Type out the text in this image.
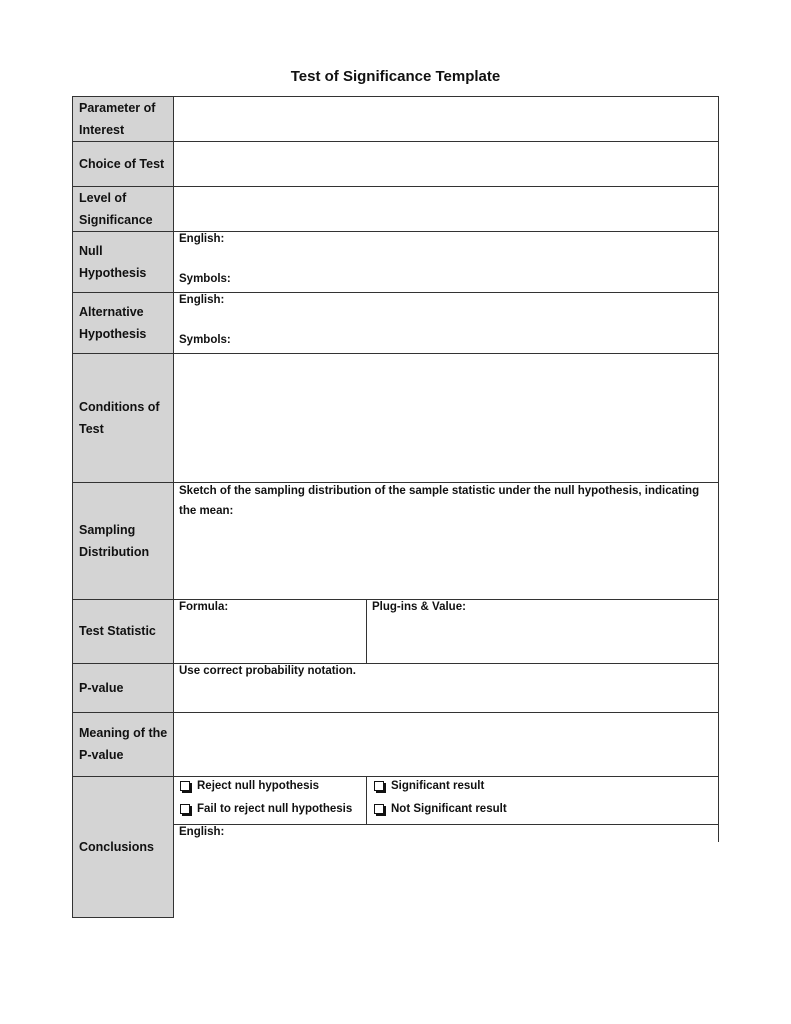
Test of Significance Template
Parameter of Interest
Choice of Test
Level of Significance
Null Hypothesis
Alternative Hypothesis
Conditions of Test
Sampling Distribution
Test Statistic
P-value
Meaning of the P-value
Conclusions
English:
Symbols:
English:
Symbols:
Sketch of the sampling distribution of the sample statistic under the null hypothesis, indicating the mean:
Formula:	Plug-ins & Value:
Use correct probability notation.
Reject null hypothesis
Fail to reject null hypothesis
Significant result
Not Significant result
English:
